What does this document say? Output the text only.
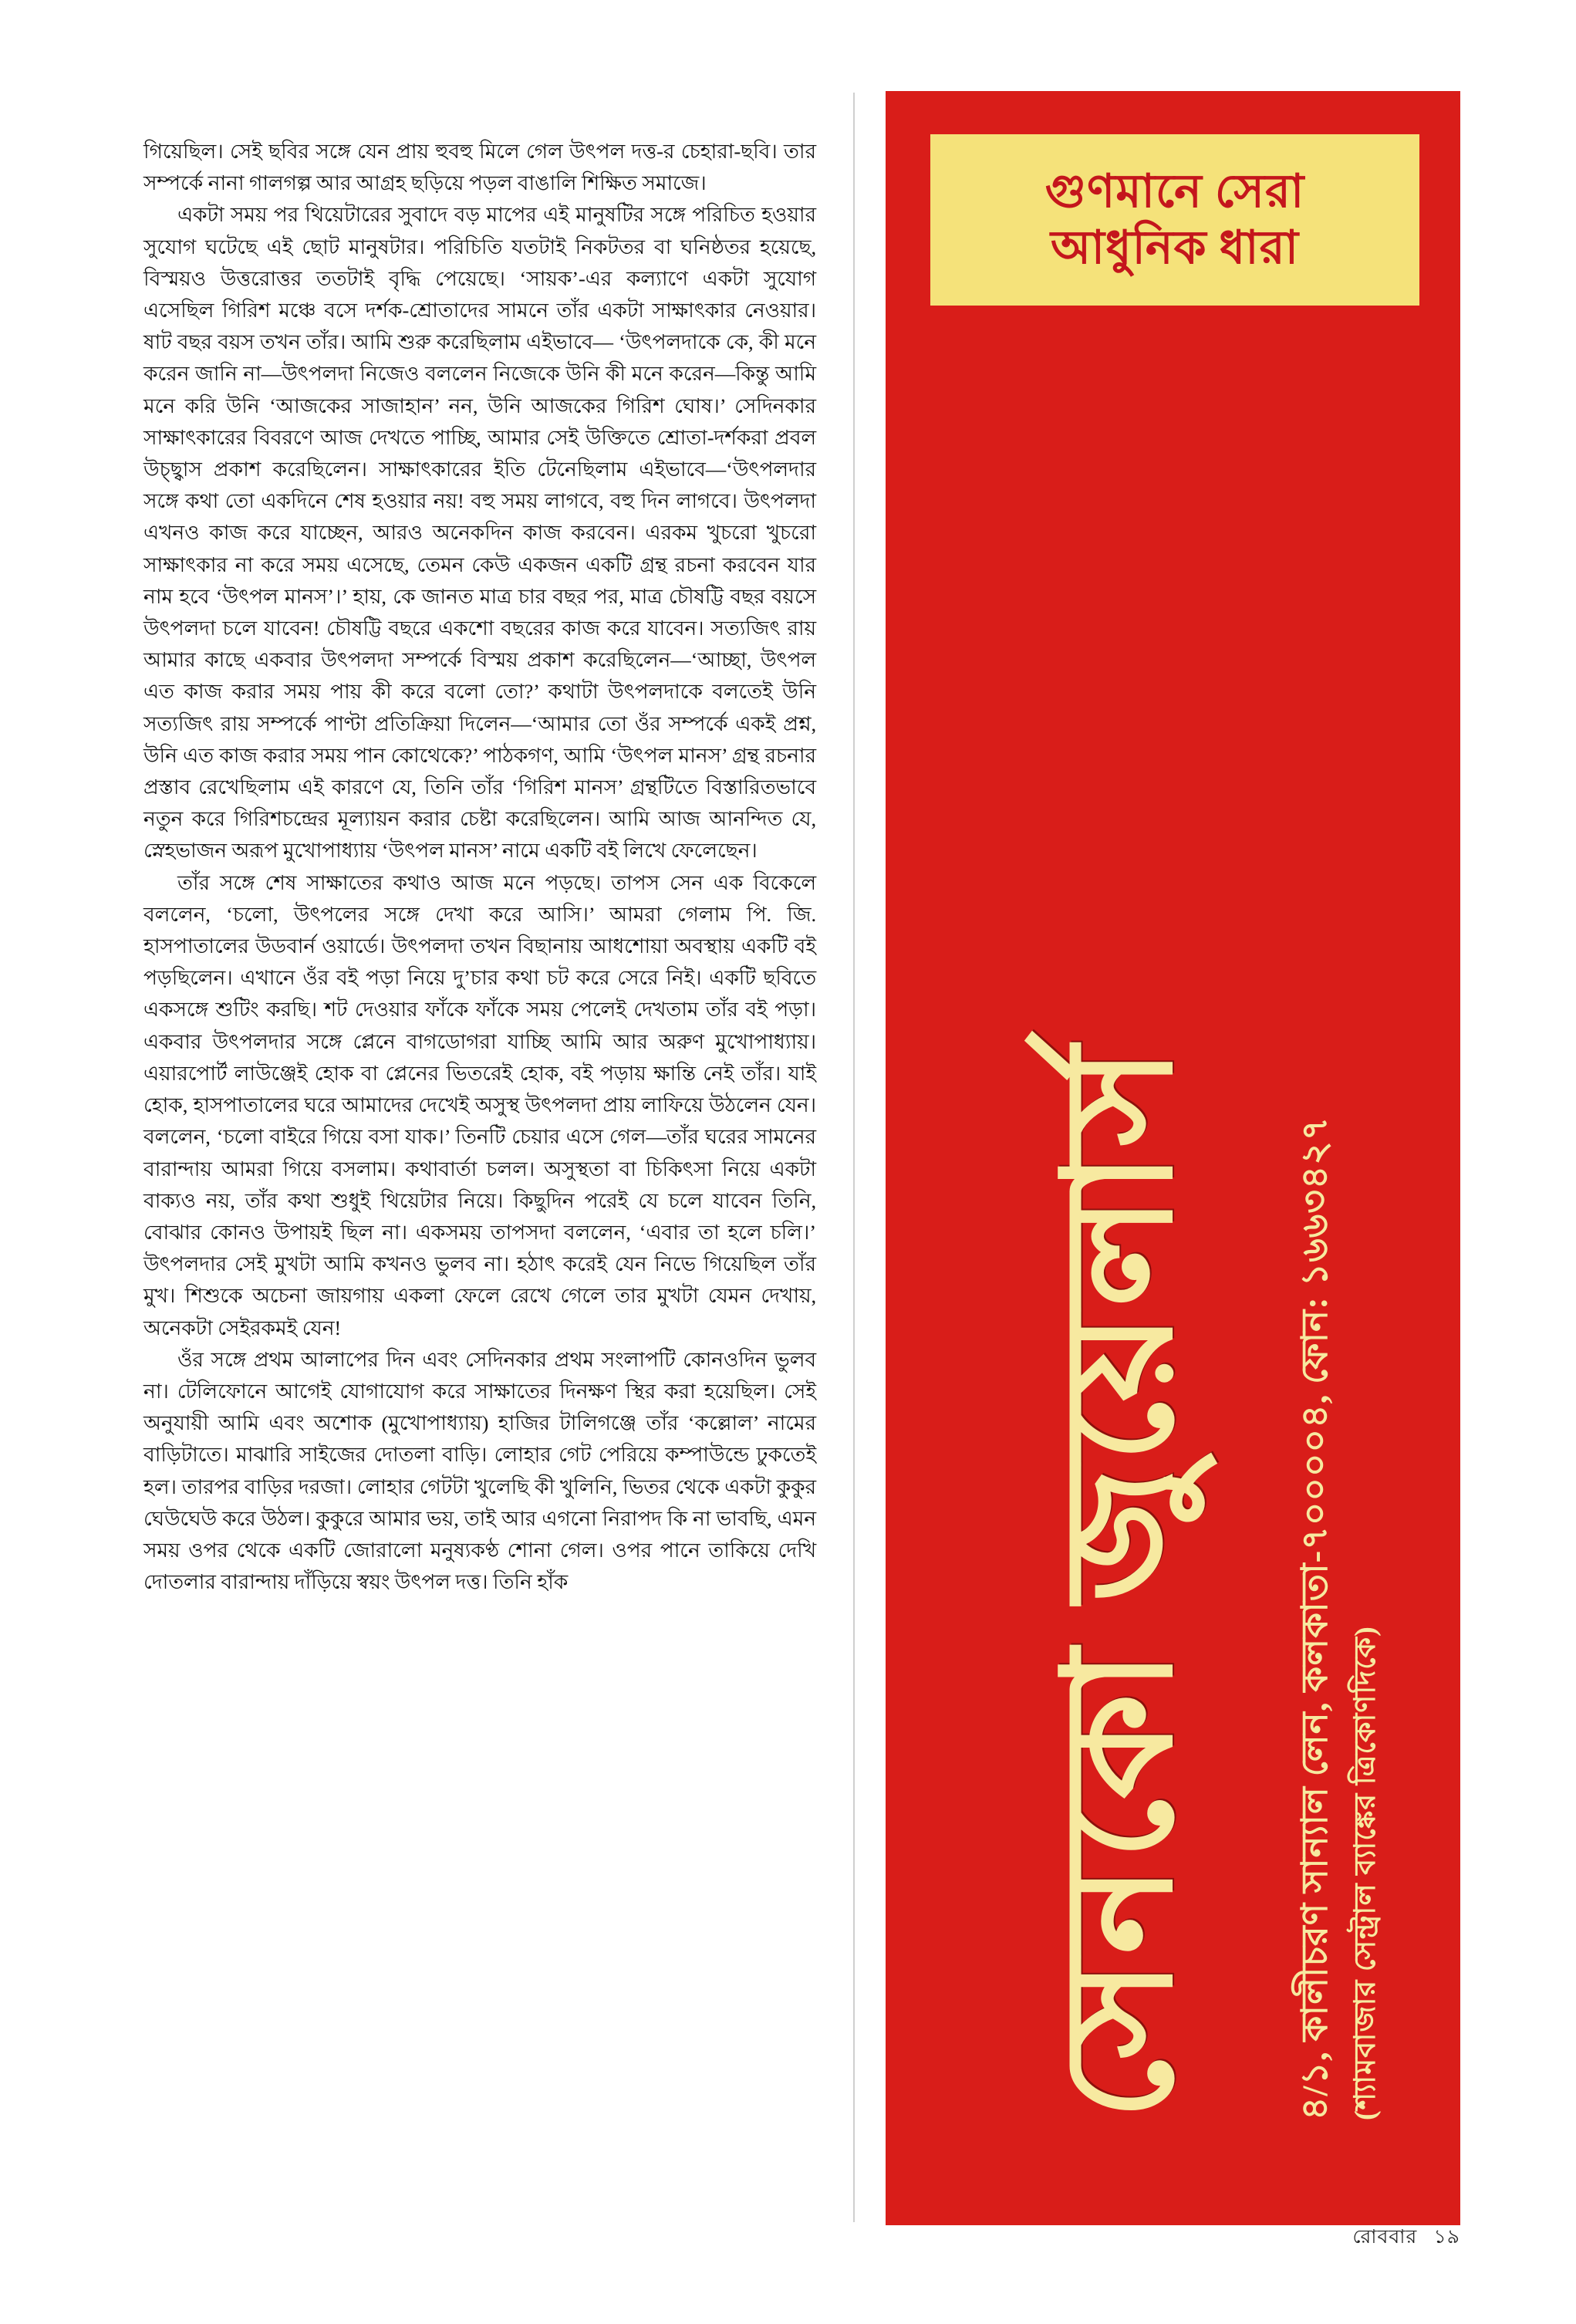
গিয়েছিল। সেই ছবির সঙ্গে যেন প্রায় হুবহু মিলে গেল উৎপল দত্ত-র চেহারা-ছবি। তার সম্পর্কে নানা গালগল্প আর আগ্রহ ছড়িয়ে পড়ল বাঙালি শিক্ষিত সমাজে।

একটা সময় পর থিয়েটারের সুবাদে বড় মাপের এই মানুষটির সঙ্গে পরিচিত হওয়ার সুযোগ ঘটেছে এই ছোট মানুষটার। পরিচিতি যতটাই নিকটতর বা ঘনিষ্ঠতর হয়েছে, বিস্ময়ও উত্তরোত্তর ততটাই বৃদ্ধি পেয়েছে। ‘সায়ক’-এর কল্যাণে একটা সুযোগ এসেছিল গিরিশ মঞ্চে বসে দর্শক-শ্রোতাদের সামনে তাঁর একটা সাক্ষাৎকার নেওয়ার। ষাট বছর বয়স তখন তাঁর। আমি শুরু করেছিলাম এইভাবে— ‘উৎপলদাকে কে, কী মনে করেন জানি না—উৎপলদা নিজেও বললেন নিজেকে উনি কী মনে করেন—কিন্তু আমি মনে করি উনি ‘আজকের সাজাহান’ নন, উনি আজকের গিরিশ ঘোষ।’ সেদিনকার সাক্ষাৎকারের বিবরণে আজ দেখতে পাচ্ছি, আমার সেই উক্তিতে শ্রোতা-দর্শকরা প্রবল উচ্ছ্বাস প্রকাশ করেছিলেন। সাক্ষাৎকারের ইতি টেনেছিলাম এইভাবে—‘উৎপলদার সঙ্গে কথা তো একদিনে শেষ হওয়ার নয়! বহু সময় লাগবে, বহু দিন লাগবে। উৎপলদা এখনও কাজ করে যাচ্ছেন, আরও অনেকদিন কাজ করবেন। এরকম খুচরো খুচরো সাক্ষাৎকার না করে সময় এসেছে, তেমন কেউ একজন একটি গ্রন্থ রচনা করবেন যার নাম হবে ‘উৎপল মানস’।’ হায়, কে জানত মাত্র চার বছর পর, মাত্র চৌষট্টি বছর বয়সে উৎপলদা চলে যাবেন! চৌষট্টি বছরে একশো বছরের কাজ করে যাবেন। সত্যজিৎ রায় আমার কাছে একবার উৎপলদা সম্পর্কে বিস্ময় প্রকাশ করেছিলেন—‘আচ্ছা, উৎপল এত কাজ করার সময় পায় কী করে বলো তো?’ কথাটা উৎপলদাকে বলতেই উনি সত্যজিৎ রায় সম্পর্কে পাণ্টা প্রতিক্রিয়া দিলেন—‘আমার তো ওঁর সম্পর্কে একই প্রশ্ন, উনি এত কাজ করার সময় পান কোথেকে?’ পাঠকগণ, আমি ‘উৎপল মানস’ গ্রন্থ রচনার প্রস্তাব রেখেছিলাম এই কারণে যে, তিনি তাঁর ‘গিরিশ মানস’ গ্রন্থটিতে বিস্তারিতভাবে নতুন করে গিরিশচন্দ্রের মূল্যায়ন করার চেষ্টা করেছিলেন। আমি আজ আনন্দিত যে, স্নেহভাজন অরূপ মুখোপাধ্যায় ‘উৎপল মানস’ নামে একটি বই লিখে ফেলেছেন।

তাঁর সঙ্গে শেষ সাক্ষাতের কথাও আজ মনে পড়ছে। তাপস সেন এক বিকেলে বললেন, ‘চলো, উৎপলের সঙ্গে দেখা করে আসি।’ আমরা গেলাম পি. জি. হাসপাতালের উডবার্ন ওয়ার্ডে। উৎপলদা তখন বিছানায় আধশোয়া অবস্থায় একটি বই পড়ছিলেন। এখানে ওঁর বই পড়া নিয়ে দু’চার কথা চট করে সেরে নিই। একটি ছবিতে একসঙ্গে শুটিং করছি। শট দেওয়ার ফাঁকে ফাঁকে সময় পেলেই দেখতাম তাঁর বই পড়া। একবার উৎপলদার সঙ্গে প্লেনে বাগডোগরা যাচ্ছি আমি আর অরুণ মুখোপাধ্যায়। এয়ারপোর্ট লাউঞ্জেই হোক বা প্লেনের ভিতরেই হোক, বই পড়ায় ক্ষান্তি নেই তাঁর। যাই হোক, হাসপাতালের ঘরে আমাদের দেখেই অসুস্থ উৎপলদা প্রায় লাফিয়ে উঠলেন যেন। বললেন, ‘চলো বাইরে গিয়ে বসা যাক।’ তিনটি চেয়ার এসে গেল—তাঁর ঘরের সামনের বারান্দায় আমরা গিয়ে বসলাম। কথাবার্তা চলল। অসুস্থতা বা চিকিৎসা নিয়ে একটা বাক্যও নয়, তাঁর কথা শুধুই থিয়েটার নিয়ে। কিছুদিন পরেই যে চলে যাবেন তিনি, বোঝার কোনও উপায়ই ছিল না। একসময় তাপসদা বললেন, ‘এবার তা হলে চলি।’ উৎপলদার সেই মুখটা আমি কখনও ভুলব না। হঠাৎ করেই যেন নিভে গিয়েছিল তাঁর মুখ। শিশুকে অচেনা জায়গায় একলা ফেলে রেখে গেলে তার মুখটা যেমন দেখায়, অনেকটা সেইরকমই যেন!

ওঁর সঙ্গে প্রথম আলাপের দিন এবং সেদিনকার প্রথম সংলাপটি কোনওদিন ভুলব না। টেলিফোনে আগেই যোগাযোগ করে সাক্ষাতের দিনক্ষণ স্থির করা হয়েছিল। সেই অনুযায়ী আমি এবং অশোক (মুখোপাধ্যায়) হাজির টালিগঞ্জে তাঁর ‘কল্লোল’ নামের বাড়িটাতে। মাঝারি সাইজের দোতলা বাড়ি। লোহার গেট পেরিয়ে কম্পাউন্ডে ঢুকতেই হল। তারপর বাড়ির দরজা। লোহার গেটটা খুলেছি কী খুলিনি, ভিতর থেকে একটা কুকুর ঘেউঘেউ করে উঠল। কুকুরে আমার ভয়, তাই আর এগনো নিরাপদ কি না ভাবছি, এমন সময় ওপর থেকে একটি জোরালো মনুষ্যকণ্ঠ শোনা গেল। ওপর পানে তাকিয়ে দেখি দোতলার বারান্দায় দাঁড়িয়ে স্বয়ং উৎপল দত্ত। তিনি হাঁক

গুণমানে সেরা
আধুনিক ধারা
সেনকো জুয়েলার্স	৪/১, কালীচরণ সান্যাল লেন, কলকাতা-৭০০০০৪, ফোন: ১৬৬৩৪২৭ (শ্যামবাজার সেন্ট্রাল ব্যাঙ্কের ত্রিকোণদিকে)
রোববার ১৯
